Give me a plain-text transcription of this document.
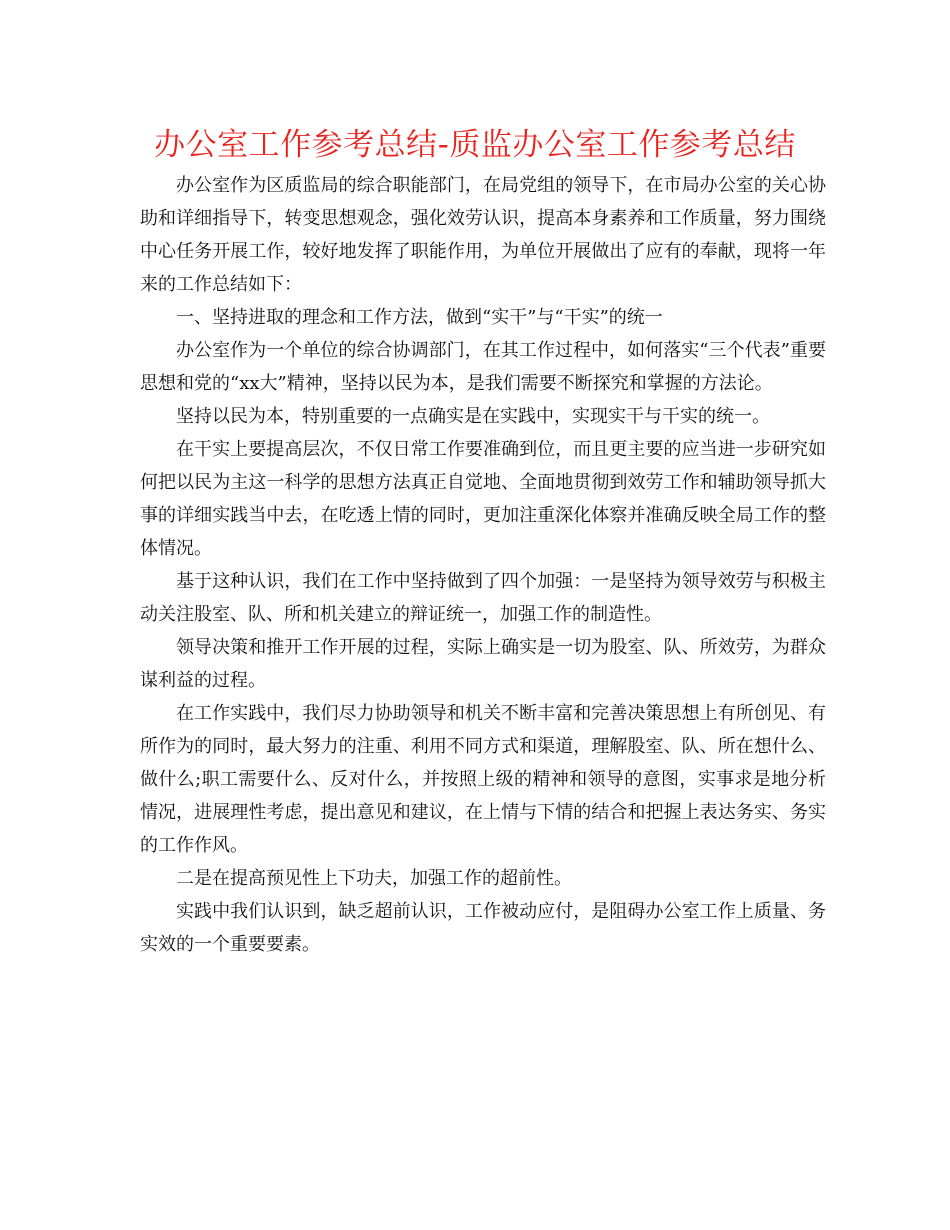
办公室工作参考总结-质监办公室工作参考总结

办公室作为区质监局的综合职能部门，在局党组的领导下，在市局办公室的关心协助和详细指导下，转变思想观念，强化效劳认识，提高本身素养和工作质量，努力围绕中心任务开展工作，较好地发挥了职能作用，为单位开展做出了应有的奉献，现将一年来的工作总结如下：

一、坚持进取的理念和工作方法，做到“实干”与“干实”的统一

办公室作为一个单位的综合协调部门，在其工作过程中，如何落实“三个代表”重要思想和党的“xx大”精神，坚持以民为本，是我们需要不断探究和掌握的方法论。

坚持以民为本，特别重要的一点确实是在实践中，实现实干与干实的统一。

在干实上要提高层次，不仅日常工作要准确到位，而且更主要的应当进一步研究如何把以民为主这一科学的思想方法真正自觉地、全面地贯彻到效劳工作和辅助领导抓大事的详细实践当中去，在吃透上情的同时，更加注重深化体察并准确反映全局工作的整体情况。

基于这种认识，我们在工作中坚持做到了四个加强：一是坚持为领导效劳与积极主动关注股室、队、所和机关建立的辩证统一，加强工作的制造性。

领导决策和推开工作开展的过程，实际上确实是一切为股室、队、所效劳，为群众谋利益的过程。

在工作实践中，我们尽力协助领导和机关不断丰富和完善决策思想上有所创见、有所作为的同时，最大努力的注重、利用不同方式和渠道，理解股室、队、所在想什么、做什么;职工需要什么、反对什么，并按照上级的精神和领导的意图，实事求是地分析情况，进展理性考虑，提出意见和建议，在上情与下情的结合和把握上表达务实、务实的工作作风。

二是在提高预见性上下功夫，加强工作的超前性。

实践中我们认识到，缺乏超前认识，工作被动应付，是阻碍办公室工作上质量、务实效的一个重要要素。
